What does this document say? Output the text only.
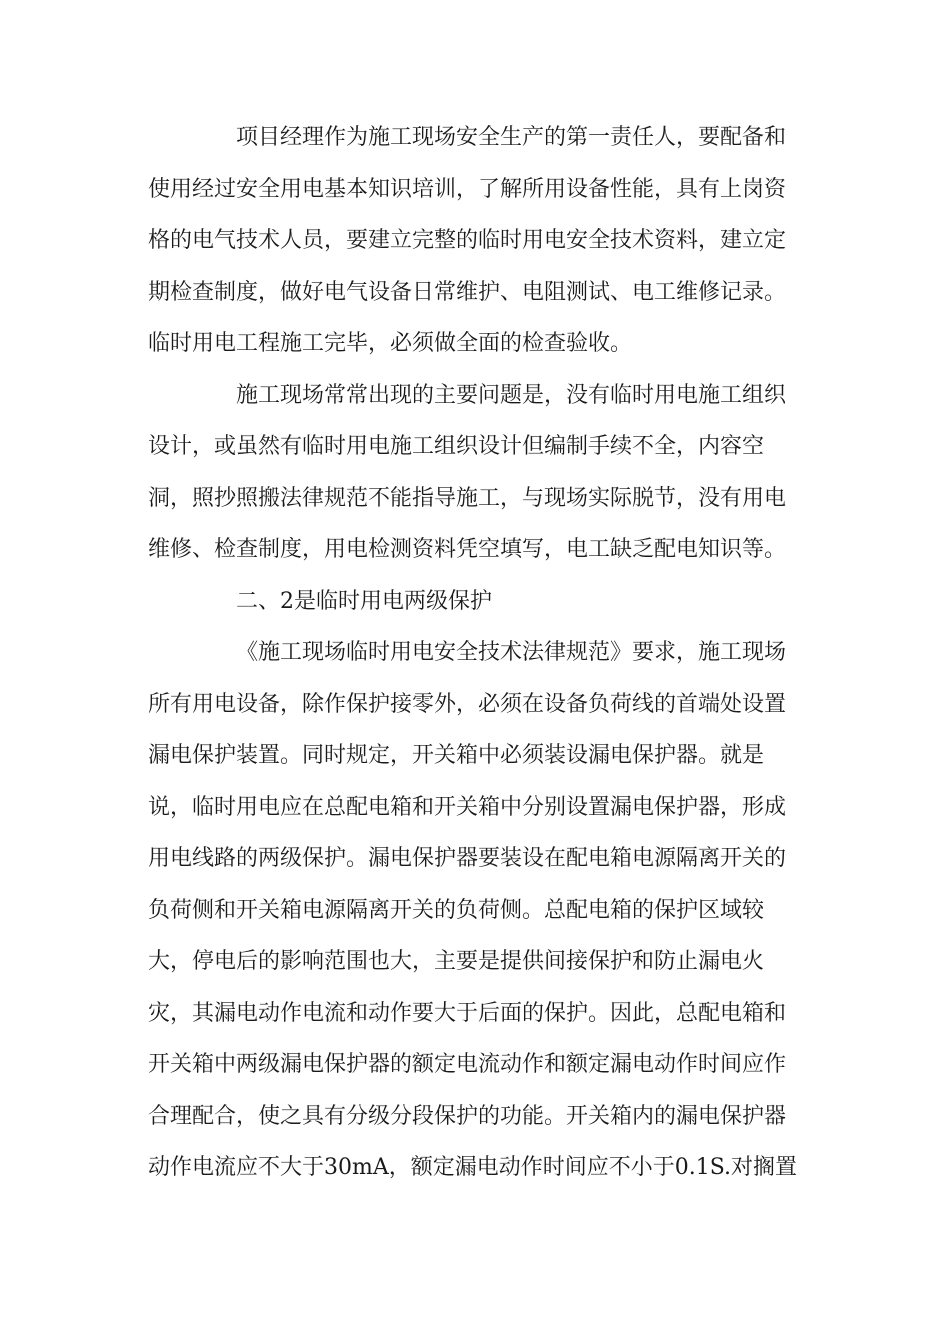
项目经理作为施工现场安全生产的第一责任人，要配备和
使用经过安全用电基本知识培训，了解所用设备性能，具有上岗资
格的电气技术人员，要建立完整的临时用电安全技术资料，建立定
期检查制度，做好电气设备日常维护、电阻测试、电工维修记录。
临时用电工程施工完毕，必须做全面的检查验收。
施工现场常常出现的主要问题是，没有临时用电施工组织
设计，或虽然有临时用电施工组织设计但编制手续不全，内容空
洞，照抄照搬法律规范不能指导施工，与现场实际脱节，没有用电
维修、检查制度，用电检测资料凭空填写，电工缺乏配电知识等。
二、2是临时用电两级保护
《施工现场临时用电安全技术法律规范》要求，施工现场
所有用电设备，除作保护接零外，必须在设备负荷线的首端处设置
漏电保护装置。同时规定，开关箱中必须装设漏电保护器。就是
说，临时用电应在总配电箱和开关箱中分别设置漏电保护器，形成
用电线路的两级保护。漏电保护器要装设在配电箱电源隔离开关的
负荷侧和开关箱电源隔离开关的负荷侧。总配电箱的保护区域较
大，停电后的影响范围也大，主要是提供间接保护和防止漏电火
灾，其漏电动作电流和动作要大于后面的保护。因此，总配电箱和
开关箱中两级漏电保护器的额定电流动作和额定漏电动作时间应作
合理配合，使之具有分级分段保护的功能。开关箱内的漏电保护器
动作电流应不大于30mA，额定漏电动作时间应不小于0.1S.对搁置
